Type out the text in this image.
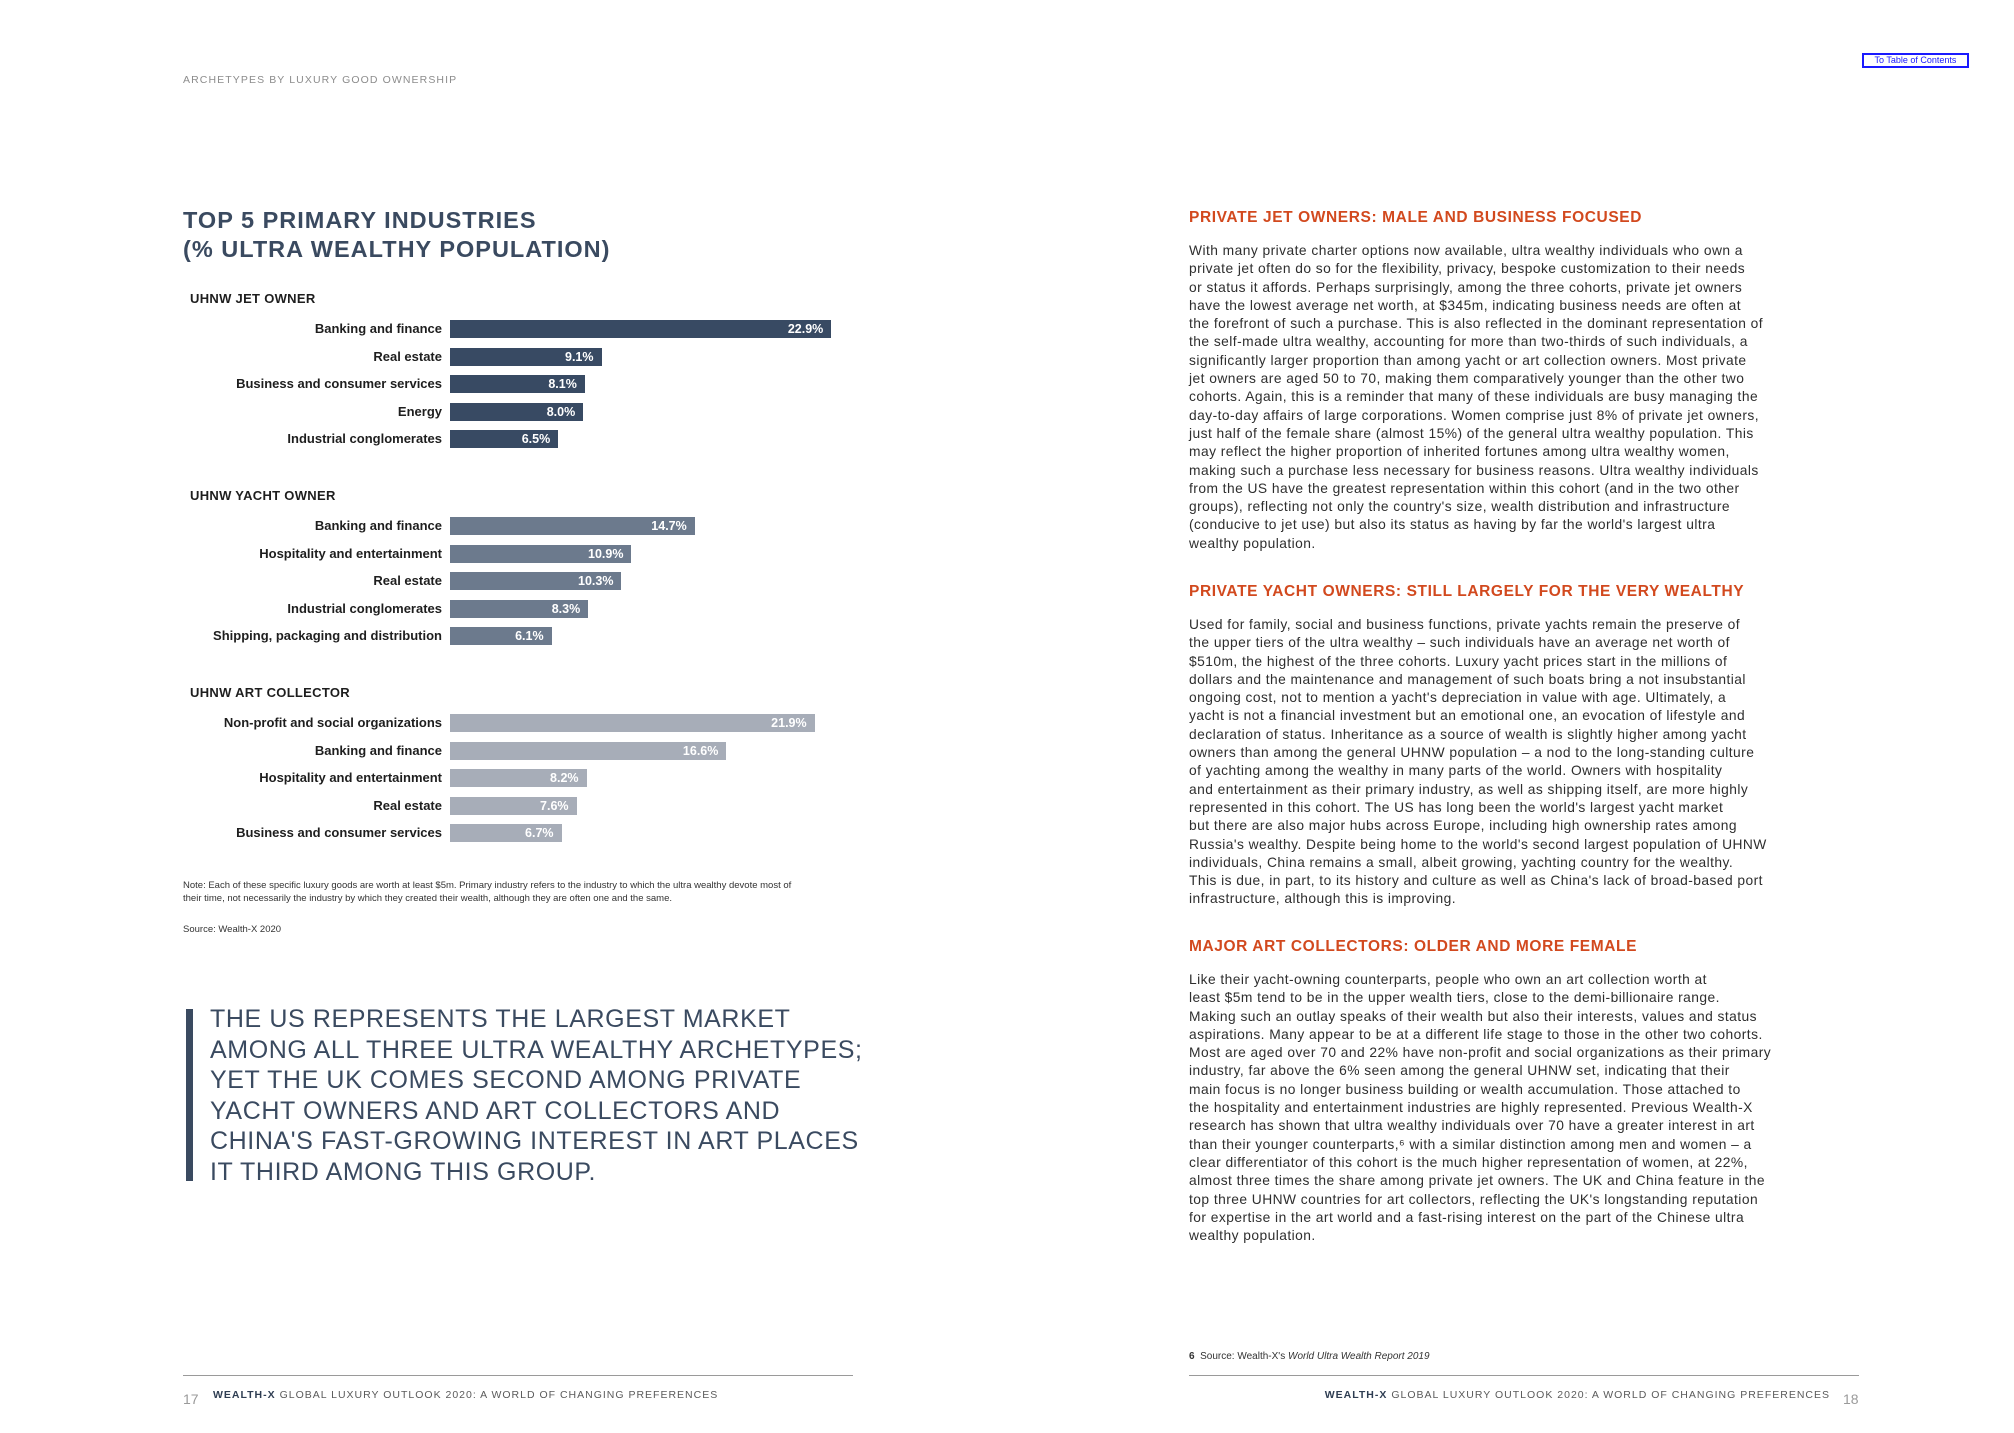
ARCHETYPES BY LUXURY GOOD OWNERSHIP
To Table of Contents
TOP 5 PRIMARY INDUSTRIES
(% ULTRA WEALTHY POPULATION)
UHNW JET OWNER
Banking and finance	22.9%
Real estate	9.1%
Business and consumer services	8.1%
Energy	8.0%
Industrial conglomerates	6.5%
UHNW YACHT OWNER
Banking and finance	14.7%
Hospitality and entertainment	10.9%
Real estate	10.3%
Industrial conglomerates	8.3%
Shipping, packaging and distribution	6.1%
UHNW ART COLLECTOR
Non-profit and social organizations	21.9%
Banking and finance	16.6%
Hospitality and entertainment	8.2%
Real estate	7.6%
Business and consumer services	6.7%
Note: Each of these specific luxury goods are worth at least $5m. Primary industry refers to the industry to which the ultra wealthy devote most of their time, not necessarily the industry by which they created their wealth, although they are often one and the same.
Source: Wealth-X 2020
THE US REPRESENTS THE LARGEST MARKET
AMONG ALL THREE ULTRA WEALTHY ARCHETYPES;
YET THE UK COMES SECOND AMONG PRIVATE
YACHT OWNERS AND ART COLLECTORS AND
CHINA'S FAST-GROWING INTEREST IN ART PLACES
IT THIRD AMONG THIS GROUP.
PRIVATE JET OWNERS: MALE AND BUSINESS FOCUSED
With many private charter options now available, ultra wealthy individuals who own a
private jet often do so for the flexibility, privacy, bespoke customization to their needs
or status it affords. Perhaps surprisingly, among the three cohorts, private jet owners
have the lowest average net worth, at $345m, indicating business needs are often at
the forefront of such a purchase. This is also reflected in the dominant representation of
the self-made ultra wealthy, accounting for more than two-thirds of such individuals, a
significantly larger proportion than among yacht or art collection owners. Most private
jet owners are aged 50 to 70, making them comparatively younger than the other two
cohorts. Again, this is a reminder that many of these individuals are busy managing the
day-to-day affairs of large corporations. Women comprise just 8% of private jet owners,
just half of the female share (almost 15%) of the general ultra wealthy population. This
may reflect the higher proportion of inherited fortunes among ultra wealthy women,
making such a purchase less necessary for business reasons. Ultra wealthy individuals
from the US have the greatest representation within this cohort (and in the two other
groups), reflecting not only the country's size, wealth distribution and infrastructure
(conducive to jet use) but also its status as having by far the world's largest ultra
wealthy population.
PRIVATE YACHT OWNERS: STILL LARGELY FOR THE VERY WEALTHY
Used for family, social and business functions, private yachts remain the preserve of
the upper tiers of the ultra wealthy – such individuals have an average net worth of
$510m, the highest of the three cohorts. Luxury yacht prices start in the millions of
dollars and the maintenance and management of such boats bring a not insubstantial
ongoing cost, not to mention a yacht's depreciation in value with age. Ultimately, a
yacht is not a financial investment but an emotional one, an evocation of lifestyle and
declaration of status. Inheritance as a source of wealth is slightly higher among yacht
owners than among the general UHNW population – a nod to the long-standing culture
of yachting among the wealthy in many parts of the world. Owners with hospitality
and entertainment as their primary industry, as well as shipping itself, are more highly
represented in this cohort. The US has long been the world's largest yacht market
but there are also major hubs across Europe, including high ownership rates among
Russia's wealthy. Despite being home to the world's second largest population of UHNW
individuals, China remains a small, albeit growing, yachting country for the wealthy.
This is due, in part, to its history and culture as well as China's lack of broad-based port
infrastructure, although this is improving.
MAJOR ART COLLECTORS: OLDER AND MORE FEMALE
Like their yacht-owning counterparts, people who own an art collection worth at
least $5m tend to be in the upper wealth tiers, close to the demi-billionaire range.
Making such an outlay speaks of their wealth but also their interests, values and status
aspirations. Many appear to be at a different life stage to those in the other two cohorts.
Most are aged over 70 and 22% have non-profit and social organizations as their primary
industry, far above the 6% seen among the general UHNW set, indicating that their
main focus is no longer business building or wealth accumulation. Those attached to
the hospitality and entertainment industries are highly represented. Previous Wealth-X
research has shown that ultra wealthy individuals over 70 have a greater interest in art
than their younger counterparts,⁶ with a similar distinction among men and women – a
clear differentiator of this cohort is the much higher representation of women, at 22%,
almost three times the share among private jet owners. The UK and China feature in the
top three UHNW countries for art collectors, reflecting the UK's longstanding reputation
for expertise in the art world and a fast-rising interest on the part of the Chinese ultra
wealthy population.
6 Source: Wealth-X's World Ultra Wealth Report 2019
17 WEALTH-X GLOBAL LUXURY OUTLOOK 2020: A WORLD OF CHANGING PREFERENCES	WEALTH-X GLOBAL LUXURY OUTLOOK 2020: A WORLD OF CHANGING PREFERENCES 18
